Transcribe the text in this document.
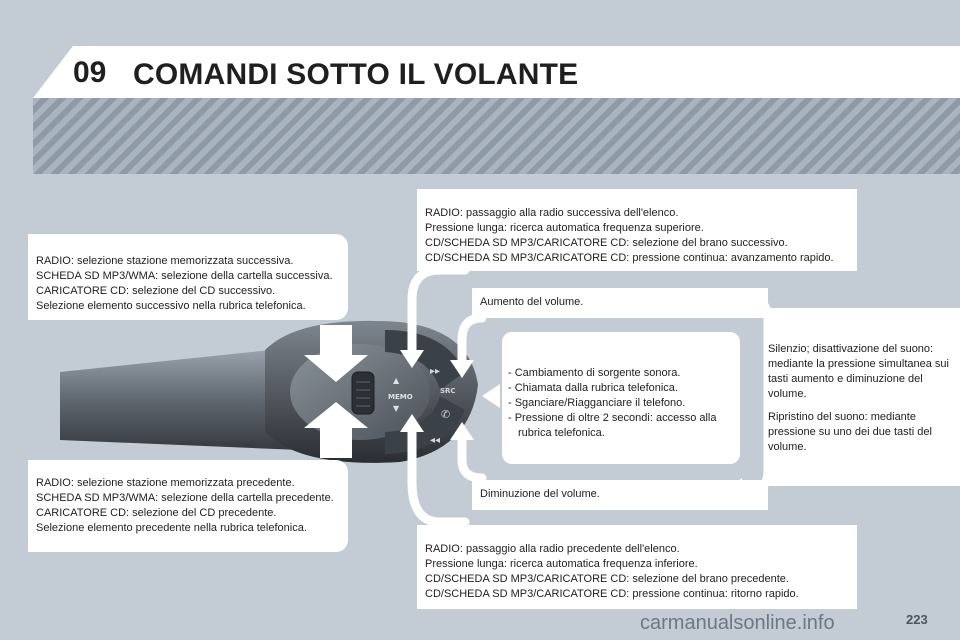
09 COMANDI SOTTO IL VOLANTE
▸▸
◂◂
▲
▼
MEMO
SRC
✆
RADIO: selezione stazione memorizzata successiva.
SCHEDA SD MP3/WMA: selezione della cartella successiva.
CARICATORE CD: selezione del CD successivo.
Selezione elemento successivo nella rubrica telefonica.
RADIO: selezione stazione memorizzata precedente.
SCHEDA SD MP3/WMA: selezione della cartella precedente.
CARICATORE CD: selezione del CD precedente.
Selezione elemento precedente nella rubrica telefonica.
RADIO: passaggio alla radio successiva dell'elenco.
Pressione lunga: ricerca automatica frequenza superiore.
CD/SCHEDA SD MP3/CARICATORE CD: selezione del brano successivo.
CD/SCHEDA SD MP3/CARICATORE CD: pressione continua: avanzamento rapido.
RADIO: passaggio alla radio precedente dell'elenco.
Pressione lunga: ricerca automatica frequenza inferiore.
CD/SCHEDA SD MP3/CARICATORE CD: selezione del brano precedente.
CD/SCHEDA SD MP3/CARICATORE CD: pressione continua: ritorno rapido.
Aumento del volume.
Diminuzione del volume.
- Cambiamento di sorgente sonora.
- Chiamata dalla rubrica telefonica.
- Sganciare/Riagganciare il telefono.
- Pressione di oltre 2 secondi: accesso alla rubrica telefonica.
Silenzio; disattivazione del suono: mediante la pressione simultanea sui tasti aumento e diminuzione del volume.
Ripristino del suono: mediante pressione su uno dei due tasti del volume.
carmanualsonline.info	223
